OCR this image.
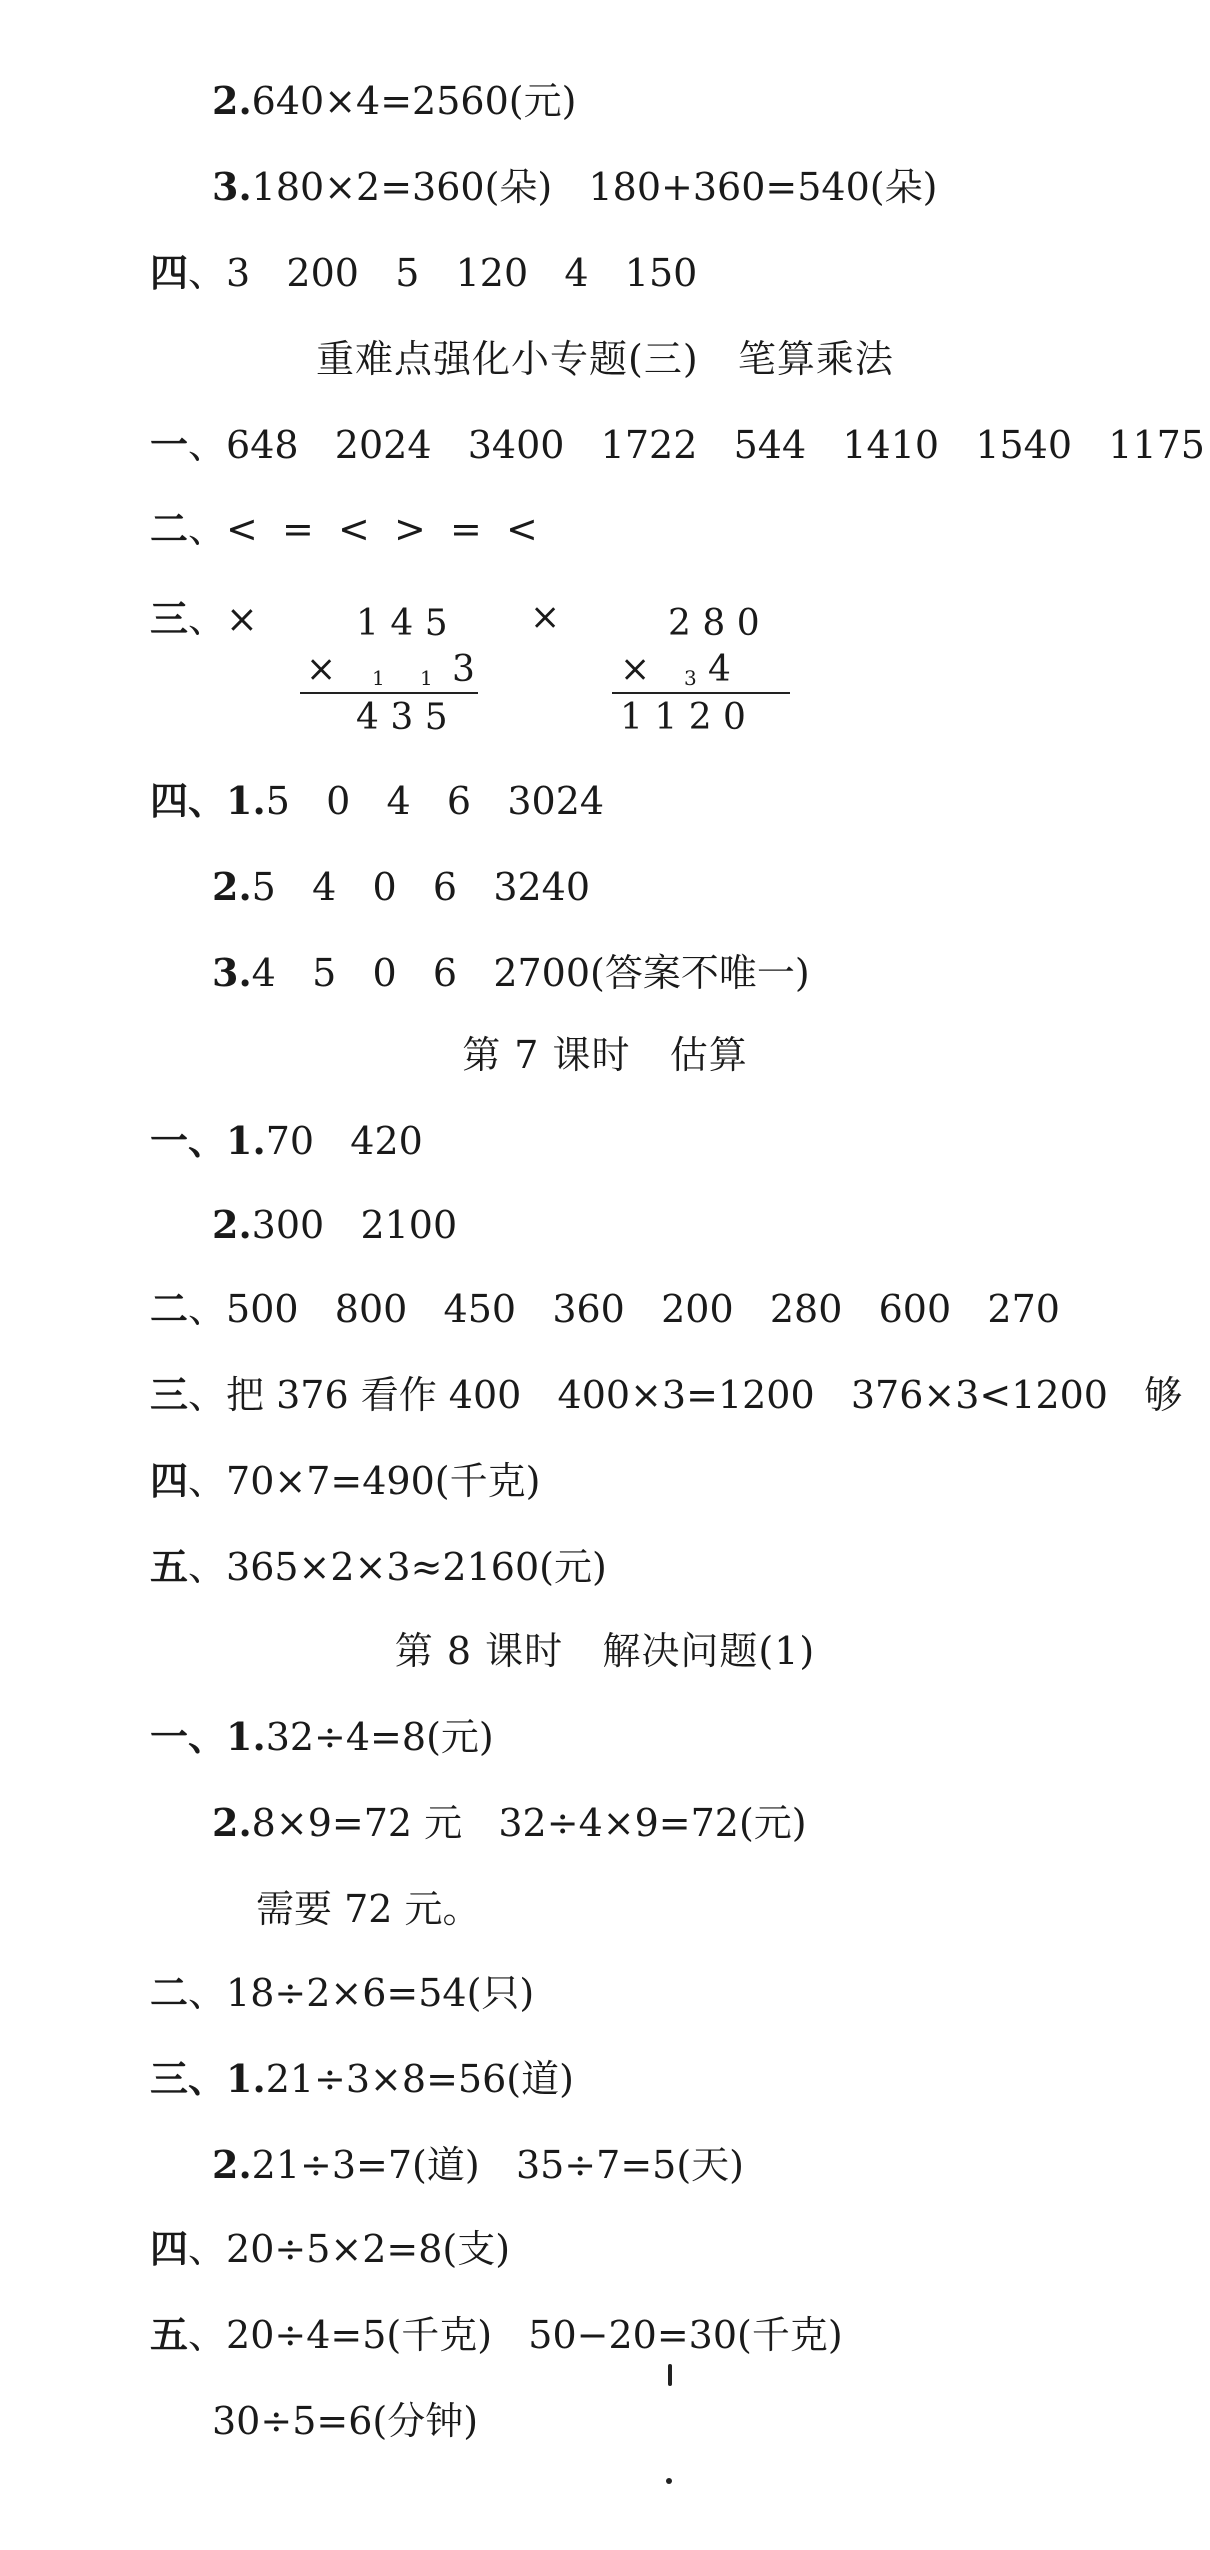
2.640×4=2560(元)
3.180×2=360(朵)   180+360=540(朵)
四、3   200   5   120   4   150
重难点强化小专题(三)   笔算乘法
一、648   2024   3400   1722   544   1410   1540   1175
二、<  =  <  >  =  <
三、×	1 4 5
× 1 1 3
4 3 5
×	2 8 0
× 3 4
1 1 2 0
四、1.5   0   4   6   3024
2.5   4   0   6   3240
3.4   5   0   6   2700(答案不唯一)
第 7 课时   估算
一、1.70   420
2.300   2100
二、500   800   450   360   200   280   600   270
三、把 376 看作 400   400×3=1200   376×3<1200   够
四、70×7=490(千克)
五、365×2×3≈2160(元)
第 8 课时   解决问题(1)
一、1.32÷4=8(元)
2.8×9=72 元   32÷4×9=72(元)
需要 72 元。
二、18÷2×6=54(只)
三、1.21÷3×8=56(道)
2.21÷3=7(道)   35÷7=5(天)
四、20÷5×2=8(支)
五、20÷4=5(千克)   50−20=30(千克)
30÷5=6(分钟)
